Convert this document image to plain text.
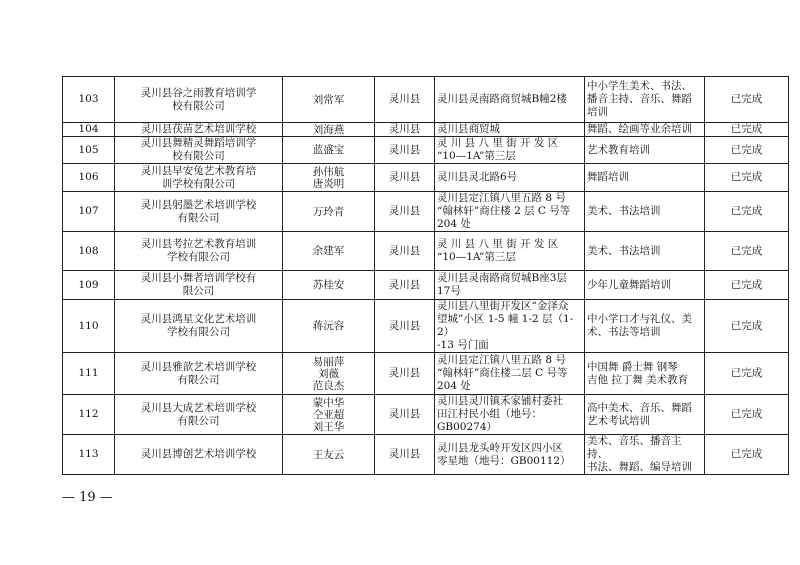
103	灵川县谷之雨教育培训学
校有限公司	刘常军	灵川县	灵川县灵南路商贸城B幢2楼	中小学生美术、书法、
播音主持、音乐、舞蹈
培训	已完成
104	灵川县茯苗艺术培训学校	刘海燕	灵川县	灵川县商贸城	舞蹈、绘画等业余培训	已完成
105	灵川县舞精灵舞蹈培训学
校有限公司	蓝盛宝	灵川县	灵 川 县 八 里 街 开 发 区
“10—1A”第三层	艺术教育培训	已完成
106	灵川县早安兔艺术教育培
训学校有限公司	孙伟航
唐炎明	灵川县	灵川县灵北路6号	舞蹈培训	已完成
107	灵川县躬墨艺术培训学校
有限公司	万玲青	灵川县	灵川县定江镇八里五路 8 号
“翰林轩”商住楼 2 层 C 号等
204 处	美术、书法培训	已完成
108	灵川县考拉艺术教育培训
学校有限公司	余建军	灵川县	灵 川 县 八 里 街 开 发 区
“10—1A”第三层	美术、书法培训	已完成
109	灵川县小舞者培训学校有
限公司	苏桂安	灵川县	灵川县灵南路商贸城B座3层
17号	少年儿童舞蹈培训	已完成
110	灵川县鸿星文化艺术培训
学校有限公司	蒋沅容	灵川县	灵川县八里街开发区“金泽众
望城”小区 1-5 幢 1-2 层（1-2）
-13 号门面	中小学口才与礼仪、美
术、书法等培训	已完成
111	灵川县雅歆艺术培训学校
有限公司	易丽萍
刘薇
范良杰	灵川县	灵川县定江镇八里五路 8 号
“翰林轩”商住楼二层 C 号等
204 处	中国舞 爵士舞 钢琴
吉他 拉丁舞 美术教育	已完成
112	灵川县大成艺术培训学校
有限公司	蒙中华
仝亚超
刘王华	灵川县	灵川县灵川镇禾家铺村委社
田江村民小组（地号：
GB00274）	高中美术、音乐、舞蹈
艺术考试培训	已完成
113	灵川县博创艺术培训学校	王友云	灵川县	灵川县龙头岭开发区四小区
零星地（地号：GB00112）	美术、音乐、播音主持、
书法、舞蹈、编导培训	已完成
— 19 —
